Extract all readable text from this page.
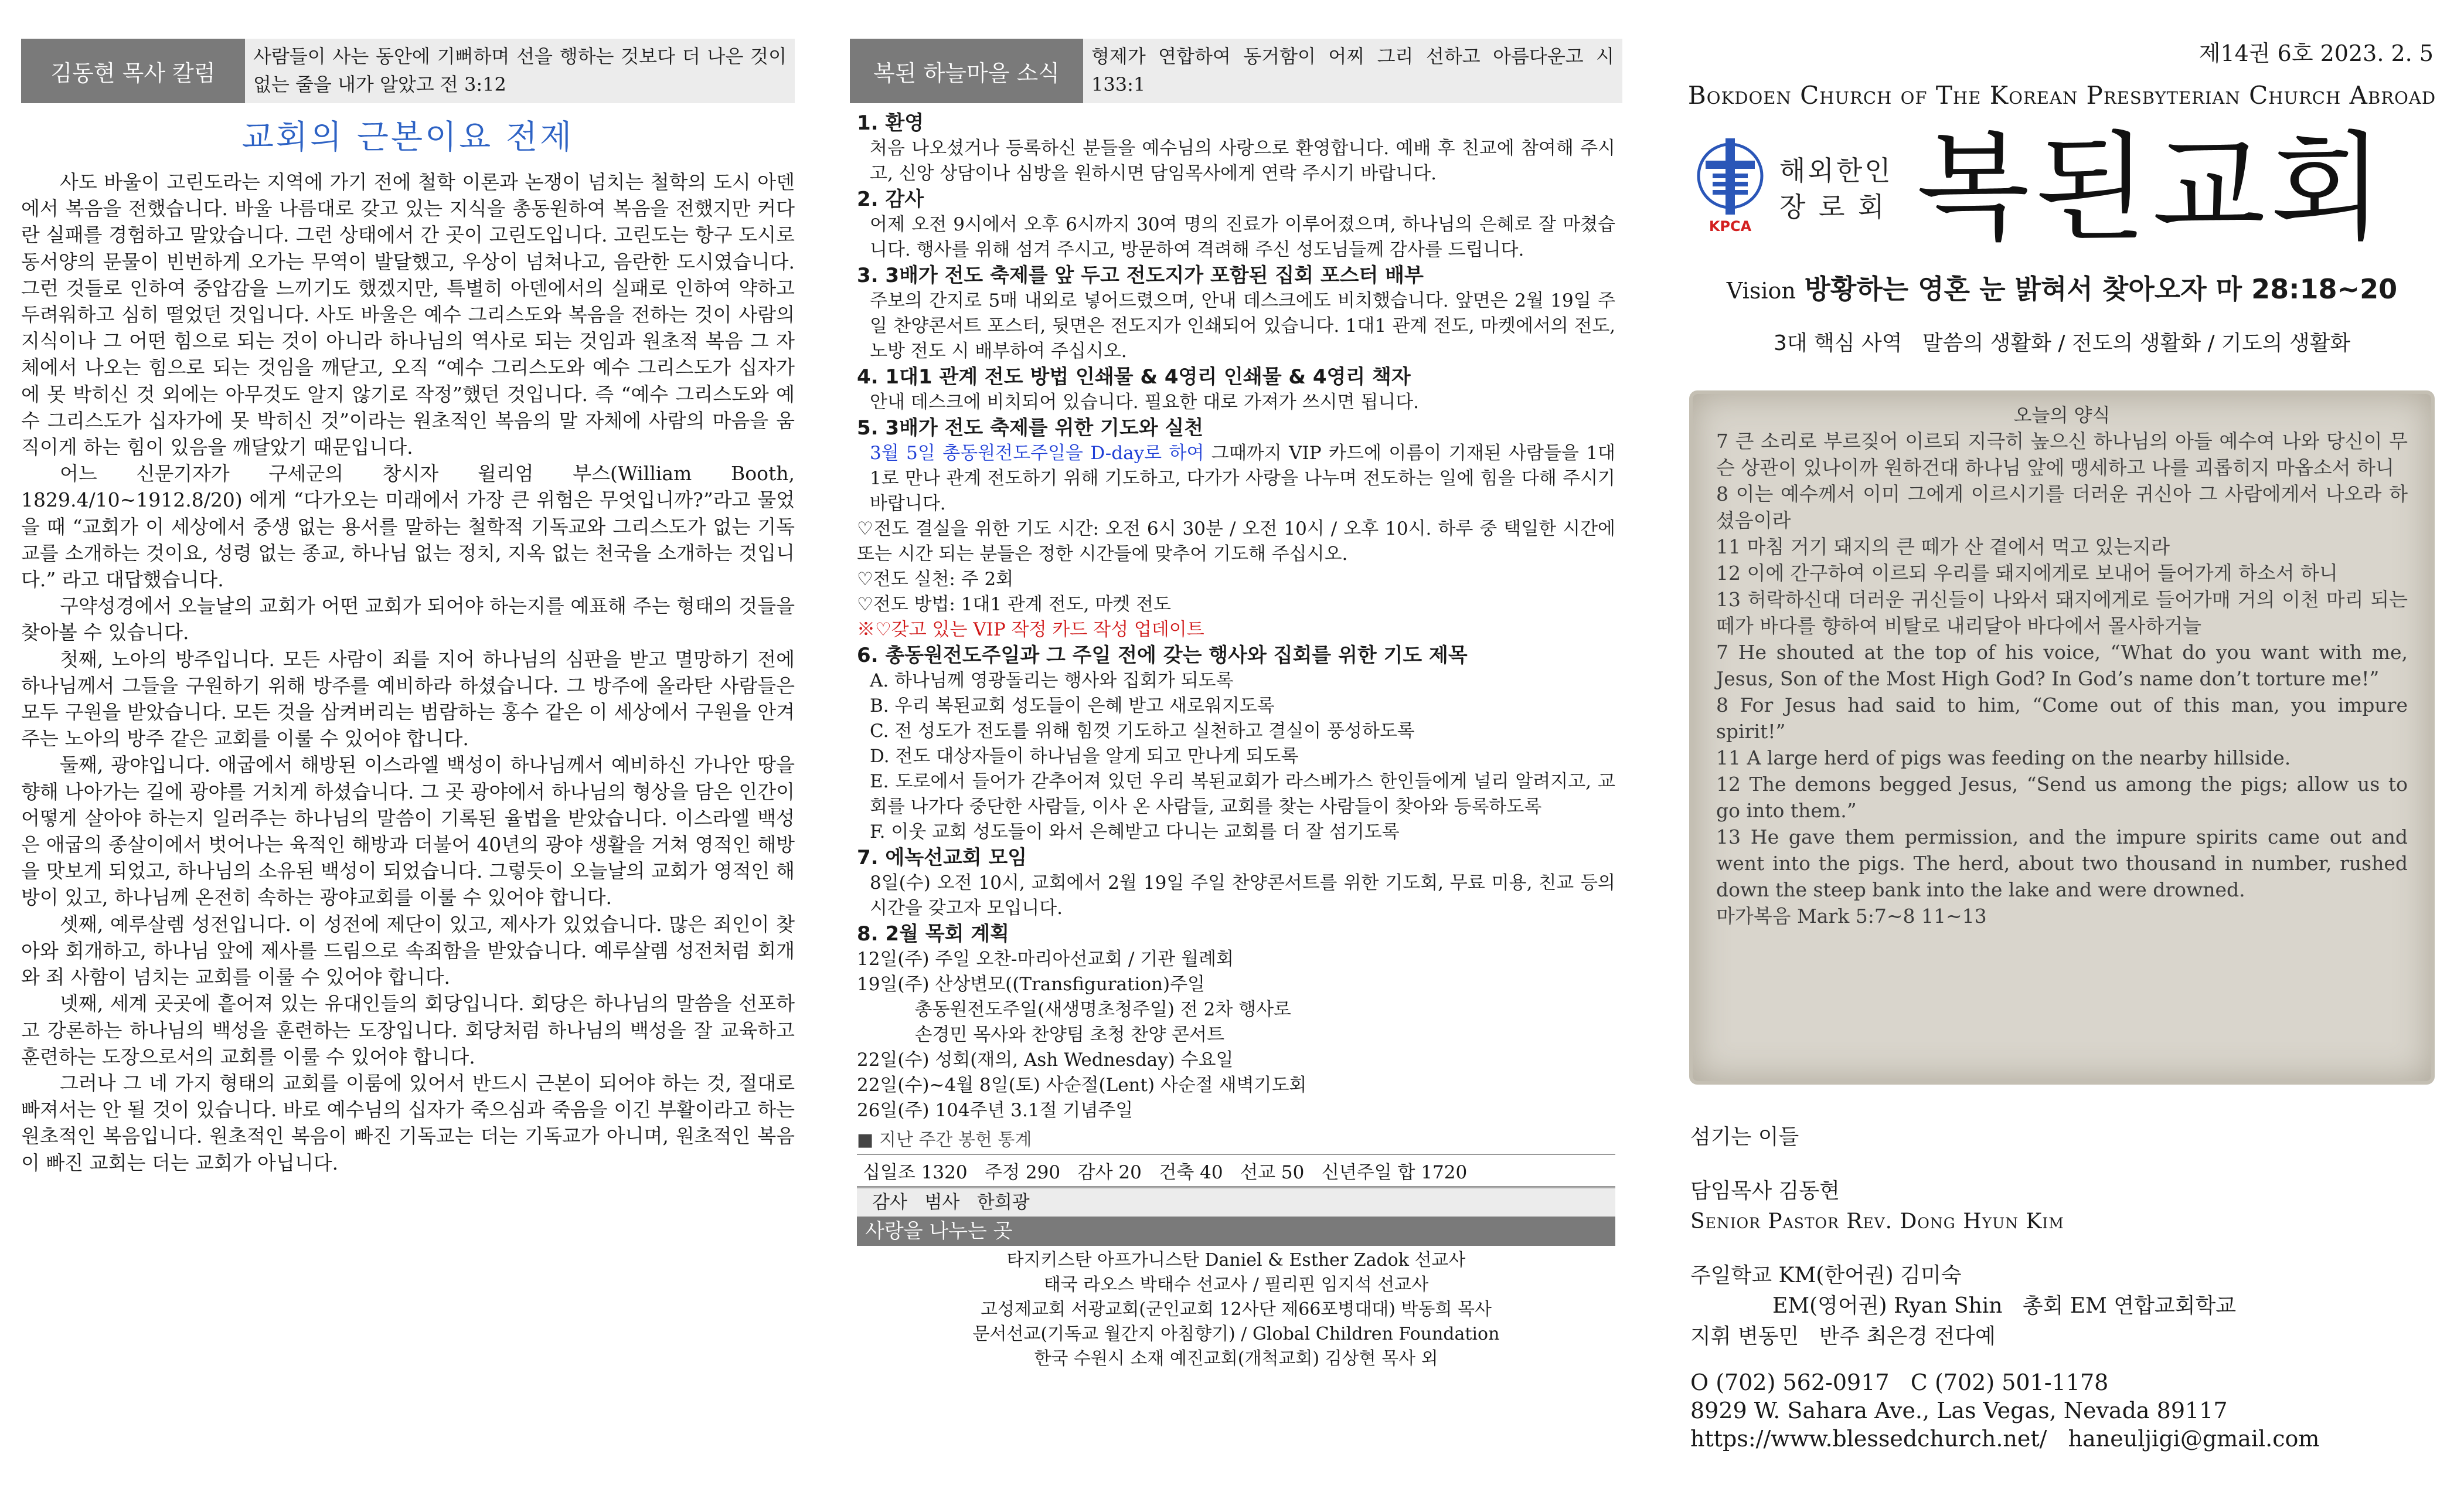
김동현 목사 칼럼
사람들이 사는 동안에 기뻐하며 선을 행하는 것보다 더 나은 것이 없는 줄을 내가 알았고 전 3:12
교회의 근본이요 전제

사도 바울이 고린도라는 지역에 가기 전에 철학 이론과 논쟁이 넘치는 철학의 도시 아덴에서 복음을 전했습니다. 바울 나름대로 갖고 있는 지식을 총동원하여 복음을 전했지만 커다란 실패를 경험하고 말았습니다. 그런 상태에서 간 곳이 고린도입니다. 고린도는 항구 도시로 동서양의 문물이 빈번하게 오가는 무역이 발달했고, 우상이 넘쳐나고, 음란한 도시였습니다. 그런 것들로 인하여 중압감을 느끼기도 했겠지만, 특별히 아덴에서의 실패로 인하여 약하고 두려워하고 심히 떨었던 것입니다. 사도 바울은 예수 그리스도와 복음을 전하는 것이 사람의 지식이나 그 어떤 힘으로 되는 것이 아니라 하나님의 역사로 되는 것임과 원초적 복음 그 자체에서 나오는 힘으로 되는 것임을 깨닫고, 오직 “예수 그리스도와 예수 그리스도가 십자가에 못 박히신 것 외에는 아무것도 알지 않기로 작정”했던 것입니다. 즉 “예수 그리스도와 예수 그리스도가 십자가에 못 박히신 것”이라는 원초적인 복음의 말 자체에 사람의 마음을 움직이게 하는 힘이 있음을 깨달았기 때문입니다.

어느 신문기자가 구세군의 창시자 윌리엄 부스(William Booth, 1829.4/10~1912.8/20) 에게 “다가오는 미래에서 가장 큰 위험은 무엇입니까?”라고 물었을 때 “교회가 이 세상에서 중생 없는 용서를 말하는 철학적 기독교와 그리스도가 없는 기독교를 소개하는 것이요, 성령 없는 종교, 하나님 없는 정치, 지옥 없는 천국을 소개하는 것입니다.” 라고 대답했습니다.

구약성경에서 오늘날의 교회가 어떤 교회가 되어야 하는지를 예표해 주는 형태의 것들을 찾아볼 수 있습니다.

첫째, 노아의 방주입니다. 모든 사람이 죄를 지어 하나님의 심판을 받고 멸망하기 전에 하나님께서 그들을 구원하기 위해 방주를 예비하라 하셨습니다. 그 방주에 올라탄 사람들은 모두 구원을 받았습니다. 모든 것을 삼켜버리는 범람하는 홍수 같은 이 세상에서 구원을 안겨주는 노아의 방주 같은 교회를 이룰 수 있어야 합니다.

둘째, 광야입니다. 애굽에서 해방된 이스라엘 백성이 하나님께서 예비하신 가나안 땅을 향해 나아가는 길에 광야를 거치게 하셨습니다. 그 곳 광야에서 하나님의 형상을 담은 인간이 어떻게 살아야 하는지 일러주는 하나님의 말씀이 기록된 율법을 받았습니다. 이스라엘 백성은 애굽의 종살이에서 벗어나는 육적인 해방과 더불어 40년의 광야 생활을 거쳐 영적인 해방을 맛보게 되었고, 하나님의 소유된 백성이 되었습니다. 그렇듯이 오늘날의 교회가 영적인 해방이 있고, 하나님께 온전히 속하는 광야교회를 이룰 수 있어야 합니다.

셋째, 예루살렘 성전입니다. 이 성전에 제단이 있고, 제사가 있었습니다. 많은 죄인이 찾아와 회개하고, 하나님 앞에 제사를 드림으로 속죄함을 받았습니다. 예루살렘 성전처럼 회개와 죄 사함이 넘치는 교회를 이룰 수 있어야 합니다.

넷째, 세계 곳곳에 흩어져 있는 유대인들의 회당입니다. 회당은 하나님의 말씀을 선포하고 강론하는 하나님의 백성을 훈련하는 도장입니다. 회당처럼 하나님의 백성을 잘 교육하고 훈련하는 도장으로서의 교회를 이룰 수 있어야 합니다.

그러나 그 네 가지 형태의 교회를 이룸에 있어서 반드시 근본이 되어야 하는 것, 절대로 빠져서는 안 될 것이 있습니다. 바로 예수님의 십자가 죽으심과 죽음을 이긴 부활이라고 하는 원초적인 복음입니다. 원초적인 복음이 빠진 기독교는 더는 기독교가 아니며, 원초적인 복음이 빠진 교회는 더는 교회가 아닙니다.

복된 하늘마을 소식
형제가 연합하여 동거함이 어찌 그리 선하고 아름다운고 시 133:1
1. 환영

처음 나오셨거나 등록하신 분들을 예수님의 사랑으로 환영합니다. 예배 후 친교에 참여해 주시고, 신앙 상담이나 심방을 원하시면 담임목사에게 연락 주시기 바랍니다.

2. 감사

어제 오전 9시에서 오후 6시까지 30여 명의 진료가 이루어졌으며, 하나님의 은혜로 잘 마쳤습니다. 행사를 위해 섬겨 주시고, 방문하여 격려해 주신 성도님들께 감사를 드립니다.

3. 3배가 전도 축제를 앞 두고 전도지가 포함된 집회 포스터 배부

주보의 간지로 5매 내외로 넣어드렸으며, 안내 데스크에도 비치했습니다. 앞면은 2월 19일 주일 찬양콘서트 포스터, 뒷면은 전도지가 인쇄되어 있습니다. 1대1 관계 전도, 마켓에서의 전도, 노방 전도 시 배부하여 주십시오.

4. 1대1 관계 전도 방법 인쇄물 & 4영리 인쇄물 & 4영리 책자

안내 데스크에 비치되어 있습니다. 필요한 대로 가져가 쓰시면 됩니다.

5. 3배가 전도 축제를 위한 기도와 실천

3월 5일 총동원전도주일을 D-day로 하여 그때까지 VIP 카드에 이름이 기재된 사람들을 1대 1로 만나 관계 전도하기 위해 기도하고, 다가가 사랑을 나누며 전도하는 일에 힘을 다해 주시기 바랍니다.

♡전도 결실을 위한 기도 시간: 오전 6시 30분 / 오전 10시 / 오후 10시. 하루 중 택일한 시간에 또는 시간 되는 분들은 정한 시간들에 맞추어 기도해 주십시오.

♡전도 실천: 주 2회

♡전도 방법: 1대1 관계 전도, 마켓 전도

※♡갖고 있는 VIP 작정 카드 작성 업데이트

6. 총동원전도주일과 그 주일 전에 갖는 행사와 집회를 위한 기도 제목

A. 하나님께 영광돌리는 행사와 집회가 되도록

B. 우리 복된교회 성도들이 은혜 받고 새로워지도록

C. 전 성도가 전도를 위해 힘껏 기도하고 실천하고 결실이 풍성하도록

D. 전도 대상자들이 하나님을 알게 되고 만나게 되도록

E. 도로에서 들어가 갇추어져 있던 우리 복된교회가 라스베가스 한인들에게 널리 알려지고, 교회를 나가다 중단한 사람들, 이사 온 사람들, 교회를 찾는 사람들이 찾아와 등록하도록

F. 이웃 교회 성도들이 와서 은혜받고 다니는 교회를 더 잘 섬기도록

7. 에녹선교회 모임

8일(수) 오전 10시, 교회에서 2월 19일 주일 찬양콘서트를 위한 기도회, 무료 미용, 친교 등의 시간을 갖고자 모입니다.

8. 2월 목회 계획
12일(주) 주일 오찬-마리아선교회 / 기관 월례회
19일(주) 산상변모((Transfiguration)주일

총동원전도주일(새생명초청주일) 전 2차 행사로

손경민 목사와 찬양팀 초청 찬양 콘서트
22일(수) 성회(재의, Ash Wednesday) 수요일
22일(수)~4월 8일(토) 사순절(Lent) 사순절 새벽기도회
26일(주) 104주년 3.1절 기념주일
■ 지난 주간 봉헌 통계
십일조 1320   주정 290   감사 20   건축 40   선교 50   신년주일 합 1720
감사   범사   한희광
사랑을 나누는 곳
타지키스탄 아프가니스탄 Daniel & Esther Zadok 선교사
태국 라오스 박태수 선교사 / 필리핀 임지석 선교사
고성제교회 서광교회(군인교회 12사단 제66포병대대) 박동희 목사
문서선교(기독교 월간지 아침향기) / Global Children Foundation
한국 수원시 소재 예진교회(개척교회) 김상현 목사 외
제14권 6호 2023. 2. 5
Bokdoen Church of The Korean Presbyterian Church Abroad
KPCA
해외한인
장 로 회 복된교회
Vision 방황하는 영혼 눈 밝혀서 찾아오자 마 28:18~20
3대 핵심 사역   말씀의 생활화 / 전도의 생활화 / 기도의 생활화
오늘의 양식

7 큰 소리로 부르짖어 이르되 지극히 높으신 하나님의 아들 예수여 나와 당신이 무슨 상관이 있나이까 원하건대 하나님 앞에 맹세하고 나를 괴롭히지 마옵소서 하니

8 이는 예수께서 이미 그에게 이르시기를 더러운 귀신아 그 사람에게서 나오라 하셨음이라

11 마침 거기 돼지의 큰 떼가 산 곁에서 먹고 있는지라

12 이에 간구하여 이르되 우리를 돼지에게로 보내어 들어가게 하소서 하니

13 허락하신대 더러운 귀신들이 나와서 돼지에게로 들어가매 거의 이천 마리 되는 떼가 바다를 향하여 비탈로 내리달아 바다에서 몰사하거늘

7 He shouted at the top of his voice, “What do you want with me, Jesus, Son of the Most High God? In God’s name don’t torture me!”

8 For Jesus had said to him, “Come out of this man, you impure spirit!”

11 A large herd of pigs was feeding on the nearby hillside.

12 The demons begged Jesus, “Send us among the pigs; allow us to go into them.”

13 He gave them permission, and the impure spirits came out and went into the pigs. The herd, about two thousand in number, rushed down the steep bank into the lake and were drowned.

마가복음 Mark 5:7~8 11~13

섬기는 이들
담임목사 김동현
Senior Pastor Rev. Dong Hyun Kim
주일학교 KM(한어권) 김미숙
EM(영어권) Ryan Shin   총회 EM 연합교회학교
지휘 변동민   반주 최은경 전다예
O (702) 562-0917   C (702) 501-1178
8929 W. Sahara Ave., Las Vegas, Nevada 89117
https://www.blessedchurch.net/   haneuljigi@gmail.com
